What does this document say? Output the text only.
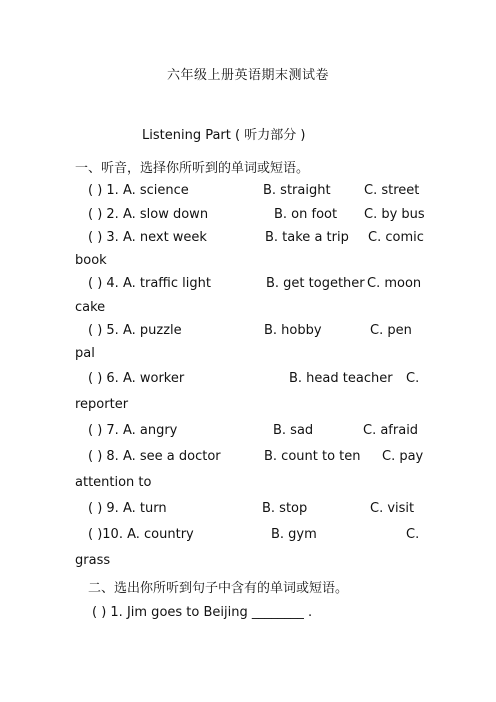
六年级上册英语期末测试卷
Listening Part ( 听力部分 )
一、听音，选择你所听到的单词或短语。
( ) 1. A. science	B. straight	C. street
( ) 2. A. slow down	B. on foot C. by bus
( ) 3. A. next week	B. take a trip C. comic
book
( ) 4. A. traffic light	B. get together C. moon
cake
( ) 5. A. puzzle	B. hobby	C. pen
pal
( ) 6. A. worker	B. head teacher C.
reporter
( ) 7. A. angry	B. sad	C. afraid
( ) 8. A. see a doctor	B. count to ten C. pay
attention to
( ) 9. A. turn	B. stop	C. visit
( )10. A. country	B. gym	C.
grass
二、选出你所听到句子中含有的单词或短语。
( ) 1. Jim goes to Beijing ________ .
